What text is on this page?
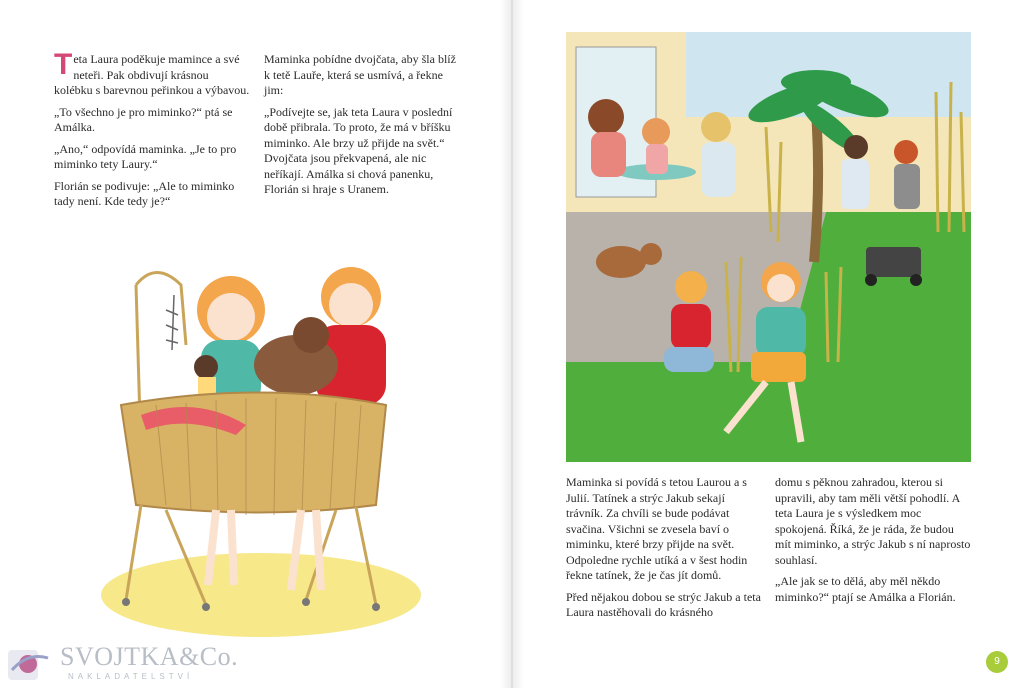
Teta Laura poděkuje mamince a své neteři. Pak obdivují krásnou kolébku s barevnou peřinkou a výbavou.

„To všechno je pro miminko?“ ptá se Amálka.

„Ano,“ odpovídá maminka. „Je to pro miminko tety Laury.“

Florián se podivuje: „Ale to miminko tady není. Kde tedy je?“

Maminka pobídne dvojčata, aby šla blíž k tetě Lauře, která se usmívá, a řekne jim:

„Podívejte se, jak teta Laura v poslední době přibrala. To proto, že má v bříšku miminko. Ale brzy už přijde na svět.“ Dvojčata jsou překvapená, ale nic neříkají. Amálka si chová panenku, Florián si hraje s Uranem.

Maminka si povídá s tetou Laurou a s Julií. Tatínek a strýc Jakub sekají trávník. Za chvíli se bude podávat svačina. Všichni se zvesela baví o miminku, které brzy přijde na svět. Odpoledne rychle utíká a v šest hodin řekne tatínek, že je čas jít domů.

Před nějakou dobou se strýc Jakub a teta Laura nastěhovali do krásného

domu s pěknou zahradou, kterou si upravili, aby tam měli větší pohodlí. A teta Laura je s výsledkem moc spokojená. Říká, že je ráda, že budou mít miminko, a strýc Jakub s ní naprosto souhlasí.

„Ale jak se to dělá, aby měl někdo miminko?“ ptají se Amálka a Florián.

9
SVOJTKA&Co.
NAKLADATELSTVÍ
